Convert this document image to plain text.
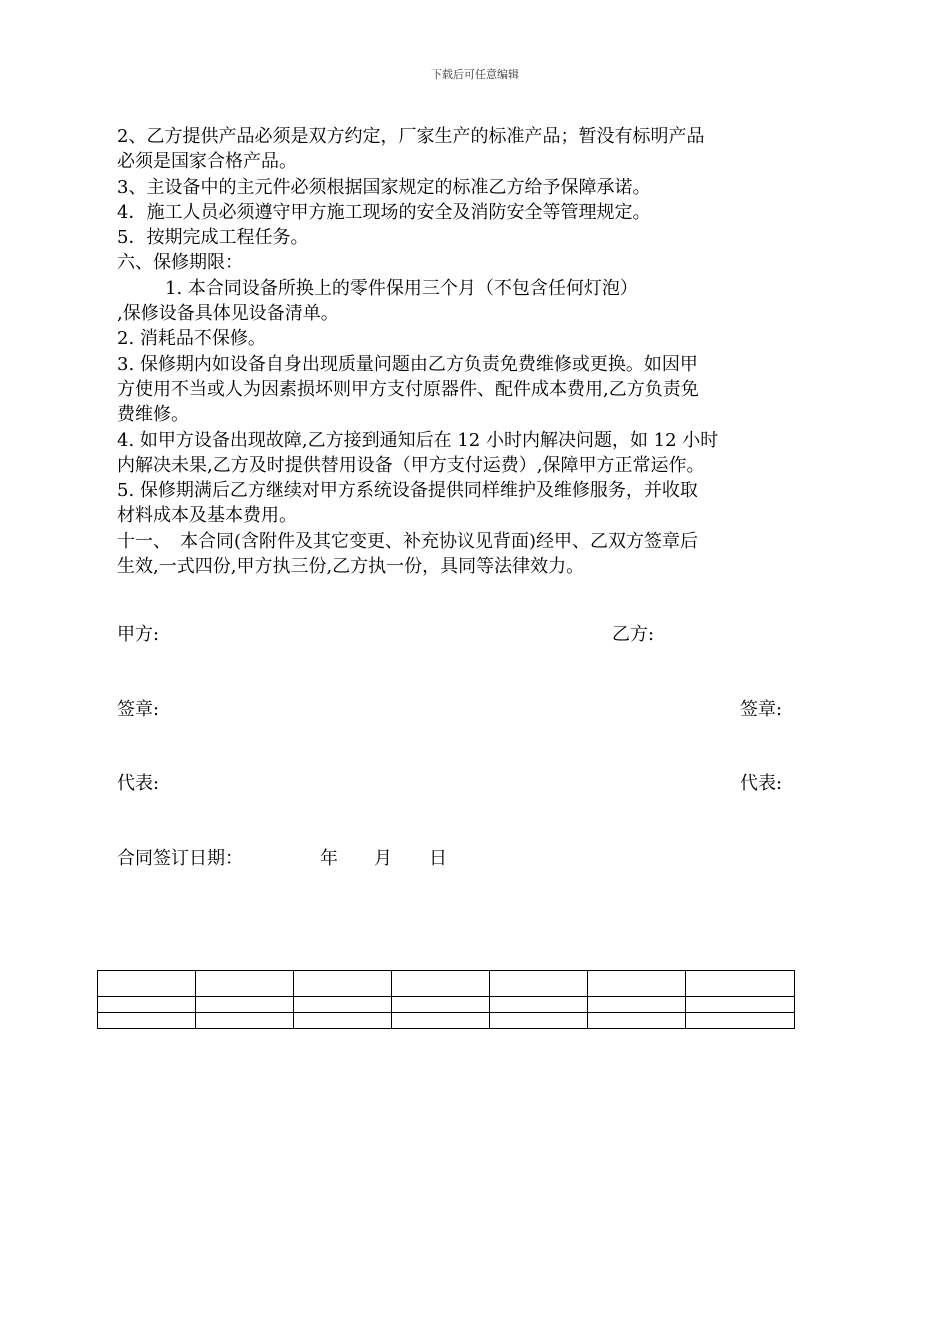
下载后可任意编辑

2、乙方提供产品必须是双方约定，厂家生产的标准产品；暂没有标明产品

必须是国家合格产品。

3、主设备中的主元件必须根据国家规定的标准乙方给予保障承诺。

4．施工人员必须遵守甲方施工现场的安全及消防安全等管理规定。

5．按期完成工程任务。

六、保修期限：

1. 本合同设备所换上的零件保用三个月（不包含任何灯泡）

,保修设备具体见设备清单。

2. 消耗品不保修。

3. 保修期内如设备自身出现质量问题由乙方负责免费维修或更换。如因甲

方使用不当或人为因素损坏则甲方支付原器件、配件成本费用,乙方负责免

费维修。

4. 如甲方设备出现故障,乙方接到通知后在 12 小时内解决问题，如 12 小时

内解决未果,乙方及时提供替用设备（甲方支付运费）,保障甲方正常运作。

5. 保修期满后乙方继续对甲方系统设备提供同样维护及维修服务，并收取

材料成本及基本费用。

十一、　本合同(含附件及其它变更、补充协议见背面)经甲、乙双方签章后

生效,一式四份,甲方执三份,乙方执一份，具同等法律效力。

甲方:	乙方:
签章:	签章:
代表:	代表:
合同签订日期：	年 月 日
